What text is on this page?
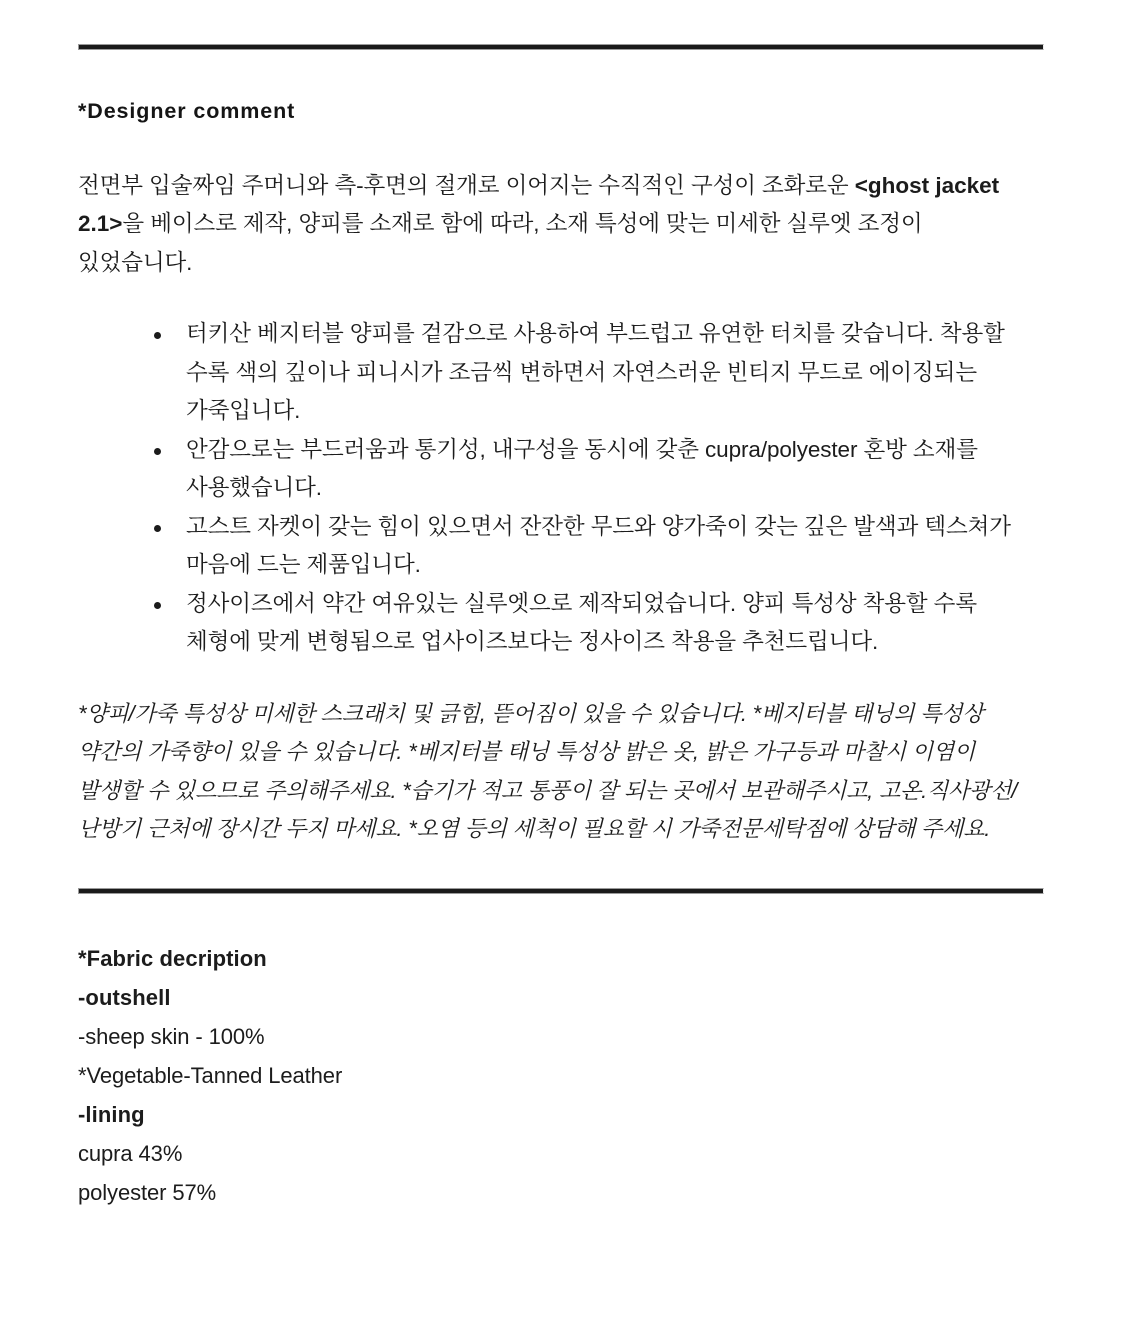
*Designer comment

전면부 입술짜임 주머니와 측-후면의 절개로 이어지는 수직적인 구성이 조화로운 <ghost jacket 2.1>을 베이스로 제작, 양피를 소재로 함에 따라, 소재 특성에 맞는 미세한 실루엣 조정이 있었습니다.

터키산 베지터블 양피를 겉감으로 사용하여 부드럽고 유연한 터치를 갖습니다. 착용할 수록 색의 깊이나 피니시가 조금씩 변하면서 자연스러운 빈티지 무드로 에이징되는 가죽입니다.
안감으로는 부드러움과 통기성, 내구성을 동시에 갖춘 cupra/polyester 혼방 소재를 사용했습니다.
고스트 자켓이 갖는 힘이 있으면서 잔잔한 무드와 양가죽이 갖는 깊은 발색과 텍스쳐가 마음에 드는 제품입니다.
정사이즈에서 약간 여유있는 실루엣으로 제작되었습니다. 양피 특성상 착용할 수록 체형에 맞게 변형됨으로 업사이즈보다는 정사이즈 착용을 추천드립니다.

*양피/가죽 특성상 미세한 스크래치 및 긁힘, 뜯어짐이 있을 수 있습니다. *베지터블 태닝의 특성상 약간의 가죽향이 있을 수 있습니다. *베지터블 태닝 특성상 밝은 옷, 밝은 가구등과 마찰시 이염이 발생할 수 있으므로 주의해주세요. *습기가 적고 통풍이 잘 되는 곳에서 보관해주시고, 고온.직사광선/난방기 근처에 장시간 두지 마세요. *오염 등의 세척이 필요할 시 가죽전문세탁점에 상담해 주세요.

*Fabric decription
-outshell
-sheep skin - 100%
*Vegetable-Tanned Leather
-lining
cupra 43%
polyester 57%
